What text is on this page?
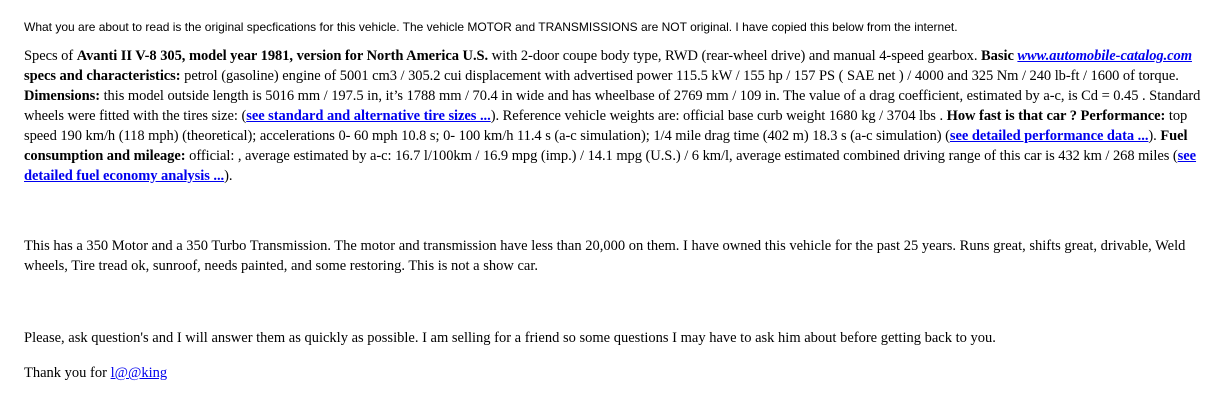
What you are about to read is the original specfications for this vehicle. The vehicle MOTOR and TRANSMISSIONS are NOT original. I have copied this below from the internet.

Specs of Avanti II V-8 305, model year 1981, version for North America U.S. with 2-door coupe body type, RWD (rear-wheel drive) and manual 4-speed gearbox. Basic www.automobile-catalog.com specs and characteristics: petrol (gasoline) engine of 5001 cm3 / 305.2 cui displacement with advertised power 115.5 kW / 155 hp / 157 PS ( SAE net ) / 4000 and 325 Nm / 240 lb-ft / 1600 of torque. Dimensions: this model outside length is 5016 mm / 197.5 in, it’s 1788 mm / 70.4 in wide and has wheelbase of 2769 mm / 109 in. The value of a drag coefficient, estimated by a-c, is Cd = 0.45 . Standard wheels were fitted with the tires size: (see standard and alternative tire sizes ...). Reference vehicle weights are: official base curb weight 1680 kg / 3704 lbs . How fast is that car ? Performance: top speed 190 km/h (118 mph) (theoretical); accelerations 0- 60 mph 10.8 s; 0- 100 km/h 11.4 s (a-c simulation); 1/4 mile drag time (402 m) 18.3 s (a-c simulation) (see detailed performance data ...). Fuel consumption and mileage: official: , average estimated by a-c: 16.7 l/100km / 16.9 mpg (imp.) / 14.1 mpg (U.S.) / 6 km/l, average estimated combined driving range of this car is 432 km / 268 miles (see detailed fuel economy analysis ...).

This has a 350 Motor and a 350 Turbo Transmission. The motor and transmission have less than 20,000 on them. I have owned this vehicle for the past 25 years. Runs great, shifts great, drivable, Weld wheels, Tire tread ok, sunroof, needs painted, and some restoring. This is not a show car.

Please, ask question's and I will answer them as quickly as possible. I am selling for a friend so some questions I may have to ask him about before getting back to you.

Thank you for l@@king
